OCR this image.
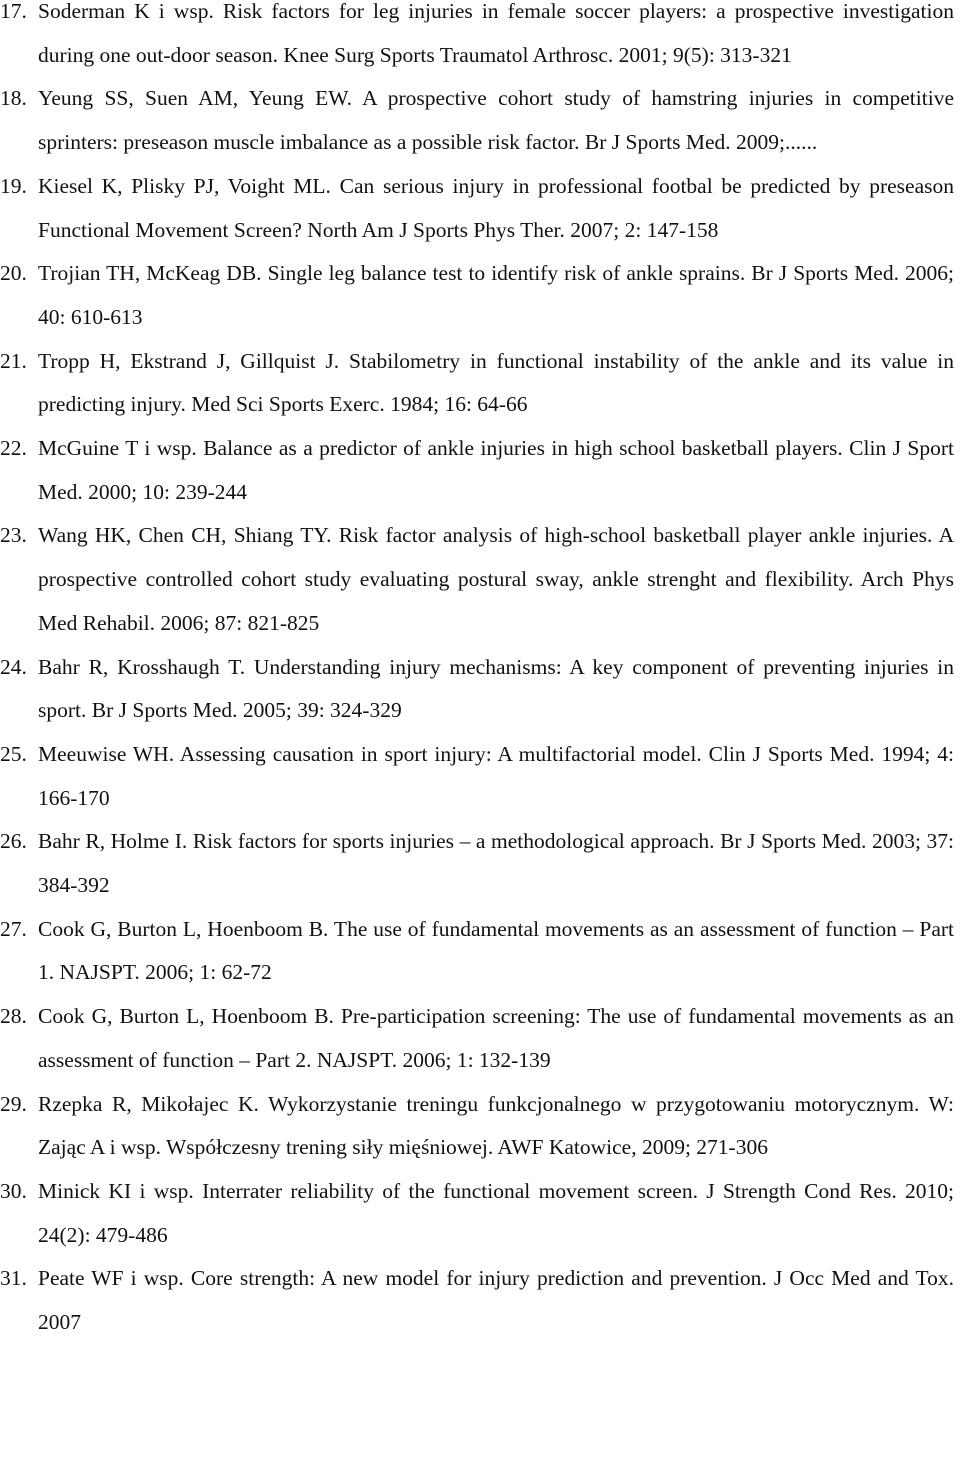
17. Soderman K i wsp. Risk factors for leg injuries in female soccer players: a prospective investigation during one out-door season. Knee Surg Sports Traumatol Arthrosc. 2001; 9(5): 313-321
18. Yeung SS, Suen AM, Yeung EW. A prospective cohort study of hamstring injuries in competitive sprinters: preseason muscle imbalance as a possible risk factor. Br J Sports Med. 2009;......
19. Kiesel K, Plisky PJ, Voight ML. Can serious injury in professional footbal be predicted by preseason Functional Movement Screen? North Am J Sports Phys Ther. 2007; 2: 147-158
20. Trojian TH, McKeag DB. Single leg balance test to identify risk of ankle sprains. Br J Sports Med. 2006; 40: 610-613
21. Tropp H, Ekstrand J, Gillquist J. Stabilometry in functional instability of the ankle and its value in predicting injury. Med Sci Sports Exerc. 1984; 16: 64-66
22. McGuine T i wsp. Balance as a predictor of ankle injuries in high school basketball players. Clin J Sport Med. 2000; 10: 239-244
23. Wang HK, Chen CH, Shiang TY. Risk factor analysis of high-school basketball player ankle injuries. A prospective controlled cohort study evaluating postural sway, ankle strenght and flexibility. Arch Phys Med Rehabil. 2006; 87: 821-825
24. Bahr R, Krosshaugh T. Understanding injury mechanisms: A key component of preventing injuries in sport. Br J Sports Med. 2005; 39: 324-329
25. Meeuwise WH. Assessing causation in sport injury: A multifactorial model. Clin J Sports Med. 1994; 4: 166-170
26. Bahr R, Holme I. Risk factors for sports injuries – a methodological approach. Br J Sports Med. 2003; 37: 384-392
27. Cook G, Burton L, Hoenboom B. The use of fundamental movements as an assessment of function – Part 1. NAJSPT. 2006; 1: 62-72
28. Cook G, Burton L, Hoenboom B. Pre-participation screening: The use of fundamental movements as an assessment of function – Part 2. NAJSPT. 2006; 1: 132-139
29. Rzepka R, Mikołajec K. Wykorzystanie treningu funkcjonalnego w przygotowaniu motorycznym. W: Zając A i wsp. Współczesny trening siły mięśniowej. AWF Katowice, 2009; 271-306
30. Minick KI i wsp. Interrater reliability of the functional movement screen. J Strength Cond Res. 2010; 24(2): 479-486
31. Peate WF i wsp. Core strength: A new model for injury prediction and prevention. J Occ Med and Tox. 2007
